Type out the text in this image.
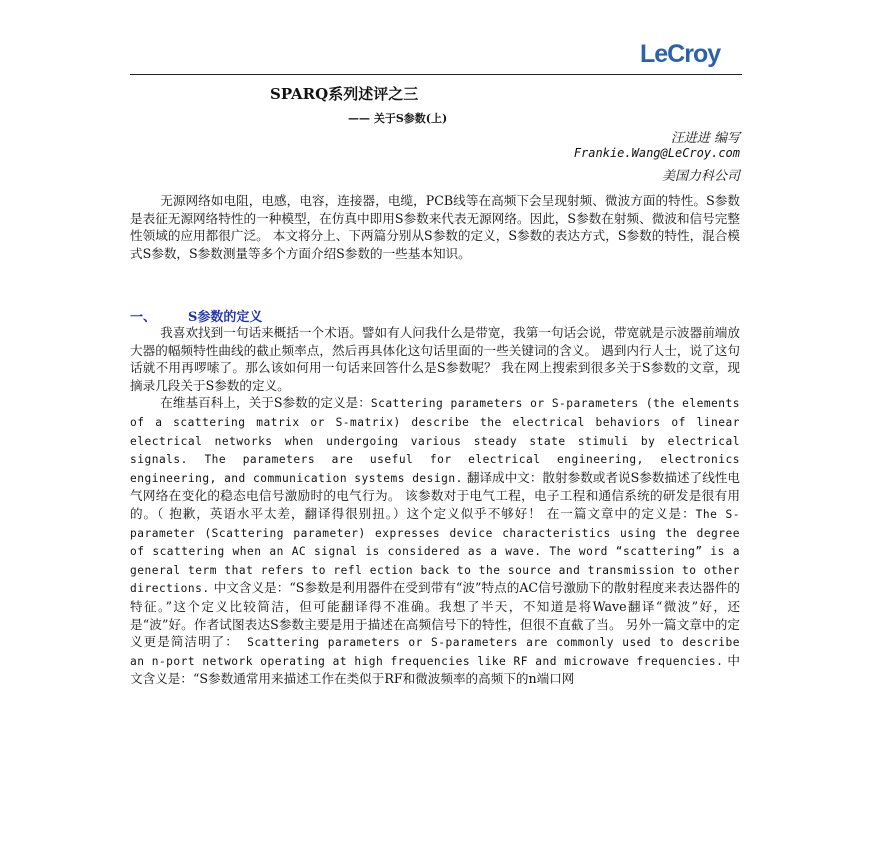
LeCroy
SPARQ系列述评之三
—— 关于S参数(上)
汪进进 编写
Frankie.Wang@LeCroy.com
美国力科公司

无源网络如电阻，电感，电容，连接器，电缆，PCB线等在高频下会呈现射频、微波方面的特性。S参数是表征无源网络特性的一种模型，在仿真中即用S参数来代表无源网络。因此，S参数在射频、微波和信号完整性领域的应用都很广泛。 本文将分上、下两篇分别从S参数的定义，S参数的表达方式，S参数的特性，混合模式S参数，S参数测量等多个方面介绍S参数的一些基本知识。

一、 S参数的定义

我喜欢找到一句话来概括一个术语。譬如有人问我什么是带宽，我第一句话会说，带宽就是示波器前端放大器的幅频特性曲线的截止频率点，然后再具体化这句话里面的一些关键词的含义。 遇到内行人士，说了这句话就不用再啰嗦了。那么该如何用一句话来回答什么是S参数呢？ 我在网上搜索到很多关于S参数的文章，现摘录几段关于S参数的定义。

在维基百科上，关于S参数的定义是：Scattering parameters or S-parameters (the elements of a scattering matrix or S-matrix) describe the electrical behaviors of linear electrical networks when undergoing various steady state stimuli by electrical signals. The parameters are useful for electrical engineering, electronics engineering, and communication systems design. 翻译成中文：散射参数或者说S参数描述了线性电气网络在变化的稳态电信号激励时的电气行为。 该参数对于电气工程，电子工程和通信系统的研发是很有用的。（ 抱歉，英语水平太差，翻译得很别扭。）这个定义似乎不够好！ 在一篇文章中的定义是：The S-parameter (Scattering parameter) expresses device characteristics using the degree of scattering when an AC signal is considered as a wave. The word “scattering” is a general term that refers to refl ection back to the source and transmission to other directions. 中文含义是：“S参数是利用器件在受到带有“波”特点的AC信号激励下的散射程度来表达器件的特征。”这个定义比较简洁，但可能翻译得不准确。我想了半天，不知道是将Wave翻译“微波”好，还是“波”好。作者试图表达S参数主要是用于描述在高频信号下的特性，但很不直截了当。 另外一篇文章中的定义更是简洁明了： Scattering parameters or S-parameters are commonly used to describe an n-port network operating at high frequencies like RF and microwave frequencies. 中文含义是：“S参数通常用来描述工作在类似于RF和微波频率的高频下的n端口网
